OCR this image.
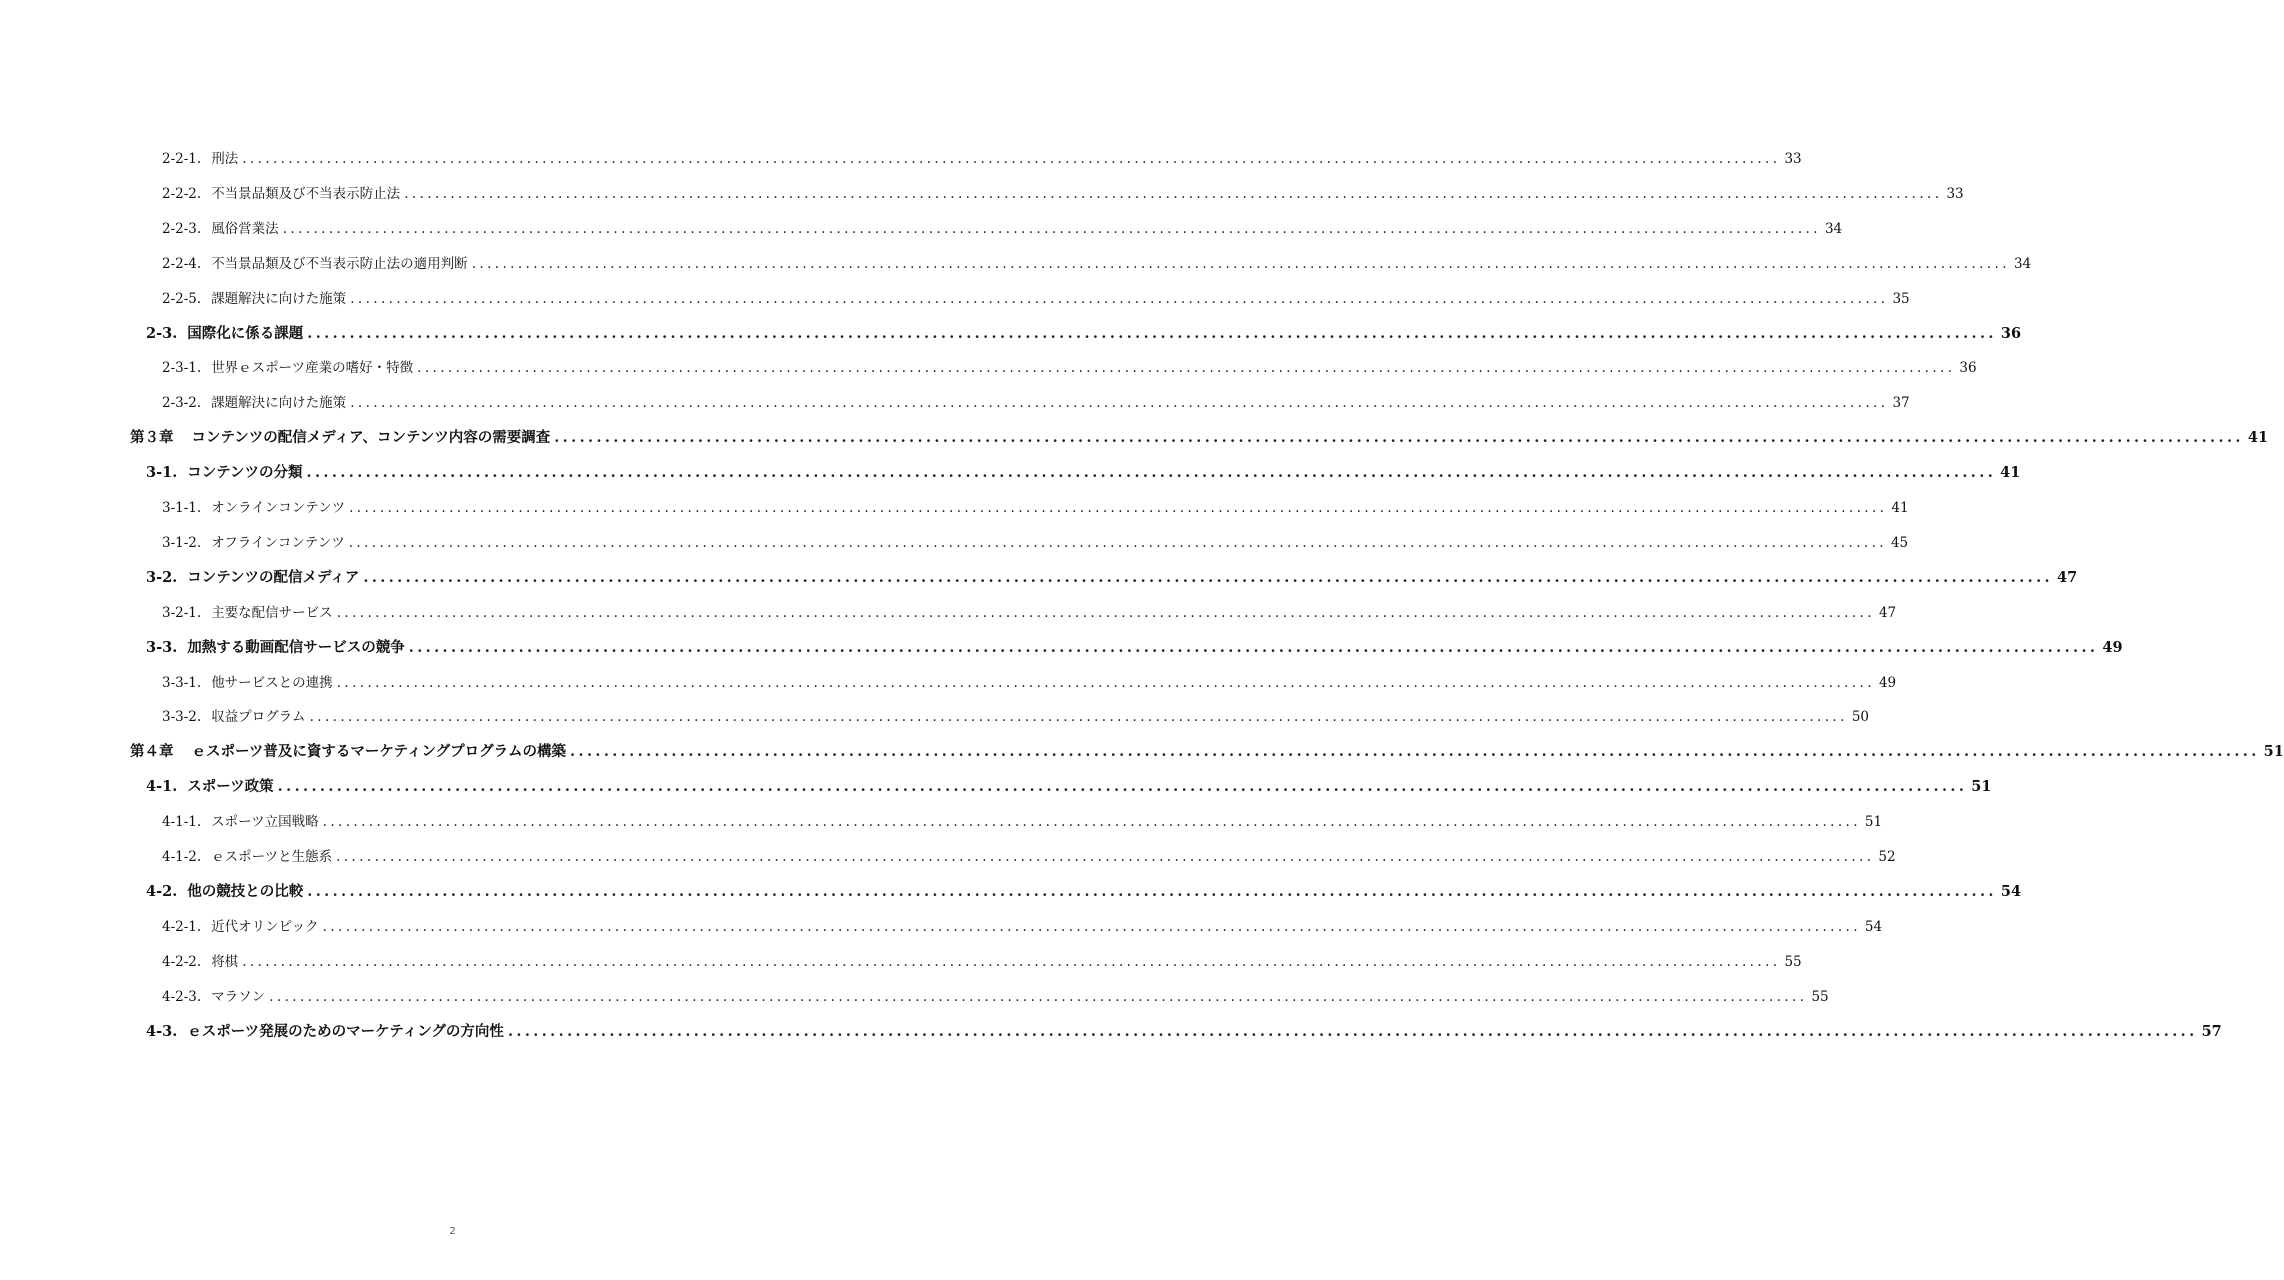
2-2-1. 刑法 ........................................................................................................................................................................................................ 33
2-2-2. 不当景品類及び不当表示防止法 ........................................................................................................................................................................................................ 33
2-2-3. 風俗営業法 ........................................................................................................................................................................................................ 34
2-2-4. 不当景品類及び不当表示防止法の適用判断 ........................................................................................................................................................................................................ 34
2-2-5. 課題解決に向けた施策 ........................................................................................................................................................................................................ 35
2-3. 国際化に係る課題 ........................................................................................................................................................................................................ 36
2-3-1. 世界ｅスポーツ産業の嗜好・特徴 ........................................................................................................................................................................................................ 36
2-3-2. 課題解決に向けた施策 ........................................................................................................................................................................................................ 37
第３章 コンテンツの配信メディア、コンテンツ内容の需要調査 ........................................................................................................................................................................................................ 41
3-1. コンテンツの分類 ........................................................................................................................................................................................................ 41
3-1-1. オンラインコンテンツ ........................................................................................................................................................................................................ 41
3-1-2. オフラインコンテンツ ........................................................................................................................................................................................................ 45
3-2. コンテンツの配信メディア ........................................................................................................................................................................................................ 47
3-2-1. 主要な配信サービス ........................................................................................................................................................................................................ 47
3-3. 加熱する動画配信サービスの競争 ........................................................................................................................................................................................................ 49
3-3-1. 他サービスとの連携 ........................................................................................................................................................................................................ 49
3-3-2. 収益プログラム ........................................................................................................................................................................................................ 50
第４章 ｅスポーツ普及に資するマーケティングプログラムの構築 ........................................................................................................................................................................................................ 51
4-1. スポーツ政策 ........................................................................................................................................................................................................ 51
4-1-1. スポーツ立国戦略 ........................................................................................................................................................................................................ 51
4-1-2. ｅスポーツと生態系 ........................................................................................................................................................................................................ 52
4-2. 他の競技との比較 ........................................................................................................................................................................................................ 54
4-2-1. 近代オリンピック ........................................................................................................................................................................................................ 54
4-2-2. 将棋 ........................................................................................................................................................................................................ 55
4-2-3. マラソン ........................................................................................................................................................................................................ 55
4-3. ｅスポーツ発展のためのマーケティングの方向性 ........................................................................................................................................................................................................ 57
2
